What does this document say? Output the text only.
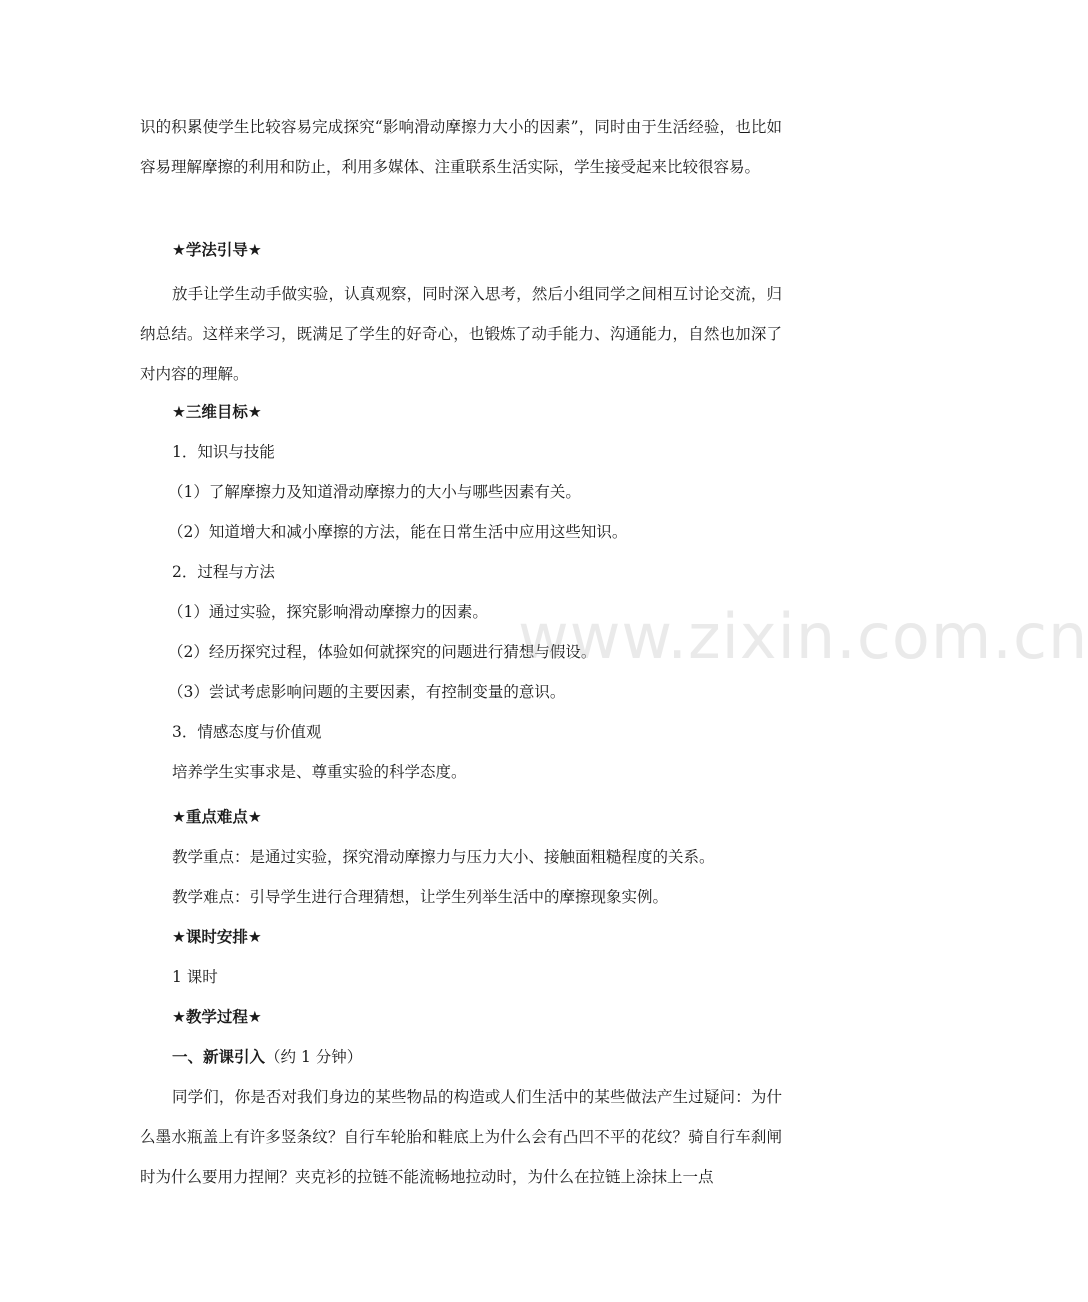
识的积累使学生比较容易完成探究“影响滑动摩擦力大小的因素”，同时由于生活经验，也比如容易理解摩擦的利用和防止，利用多媒体、注重联系生活实际，学生接受起来比较很容易。

★学法引导★

放手让学生动手做实验，认真观察，同时深入思考，然后小组同学之间相互讨论交流，归纳总结。这样来学习，既满足了学生的好奇心，也锻炼了动手能力、沟通能力，自然也加深了对内容的理解。

★三维目标★

1．知识与技能

（1）了解摩擦力及知道滑动摩擦力的大小与哪些因素有关。

（2）知道增大和减小摩擦的方法，能在日常生活中应用这些知识。

2．过程与方法

（1）通过实验，探究影响滑动摩擦力的因素。

（2）经历探究过程，体验如何就探究的问题进行猜想与假设。

（3）尝试考虑影响问题的主要因素，有控制变量的意识。

3．情感态度与价值观

培养学生实事求是、尊重实验的科学态度。

★重点难点★

教学重点：是通过实验，探究滑动摩擦力与压力大小、接触面粗糙程度的关系。

教学难点：引导学生进行合理猜想，让学生列举生活中的摩擦现象实例。

★课时安排★

1 课时

★教学过程★

一、新课引入（约 1 分钟）

同学们，你是否对我们身边的某些物品的构造或人们生活中的某些做法产生过疑问：为什么墨水瓶盖上有许多竖条纹？自行车轮胎和鞋底上为什么会有凸凹不平的花纹？骑自行车刹闸时为什么要用力捏闸？夹克衫的拉链不能流畅地拉动时，为什么在拉链上涂抹上一点

www.zixin.com.cn
